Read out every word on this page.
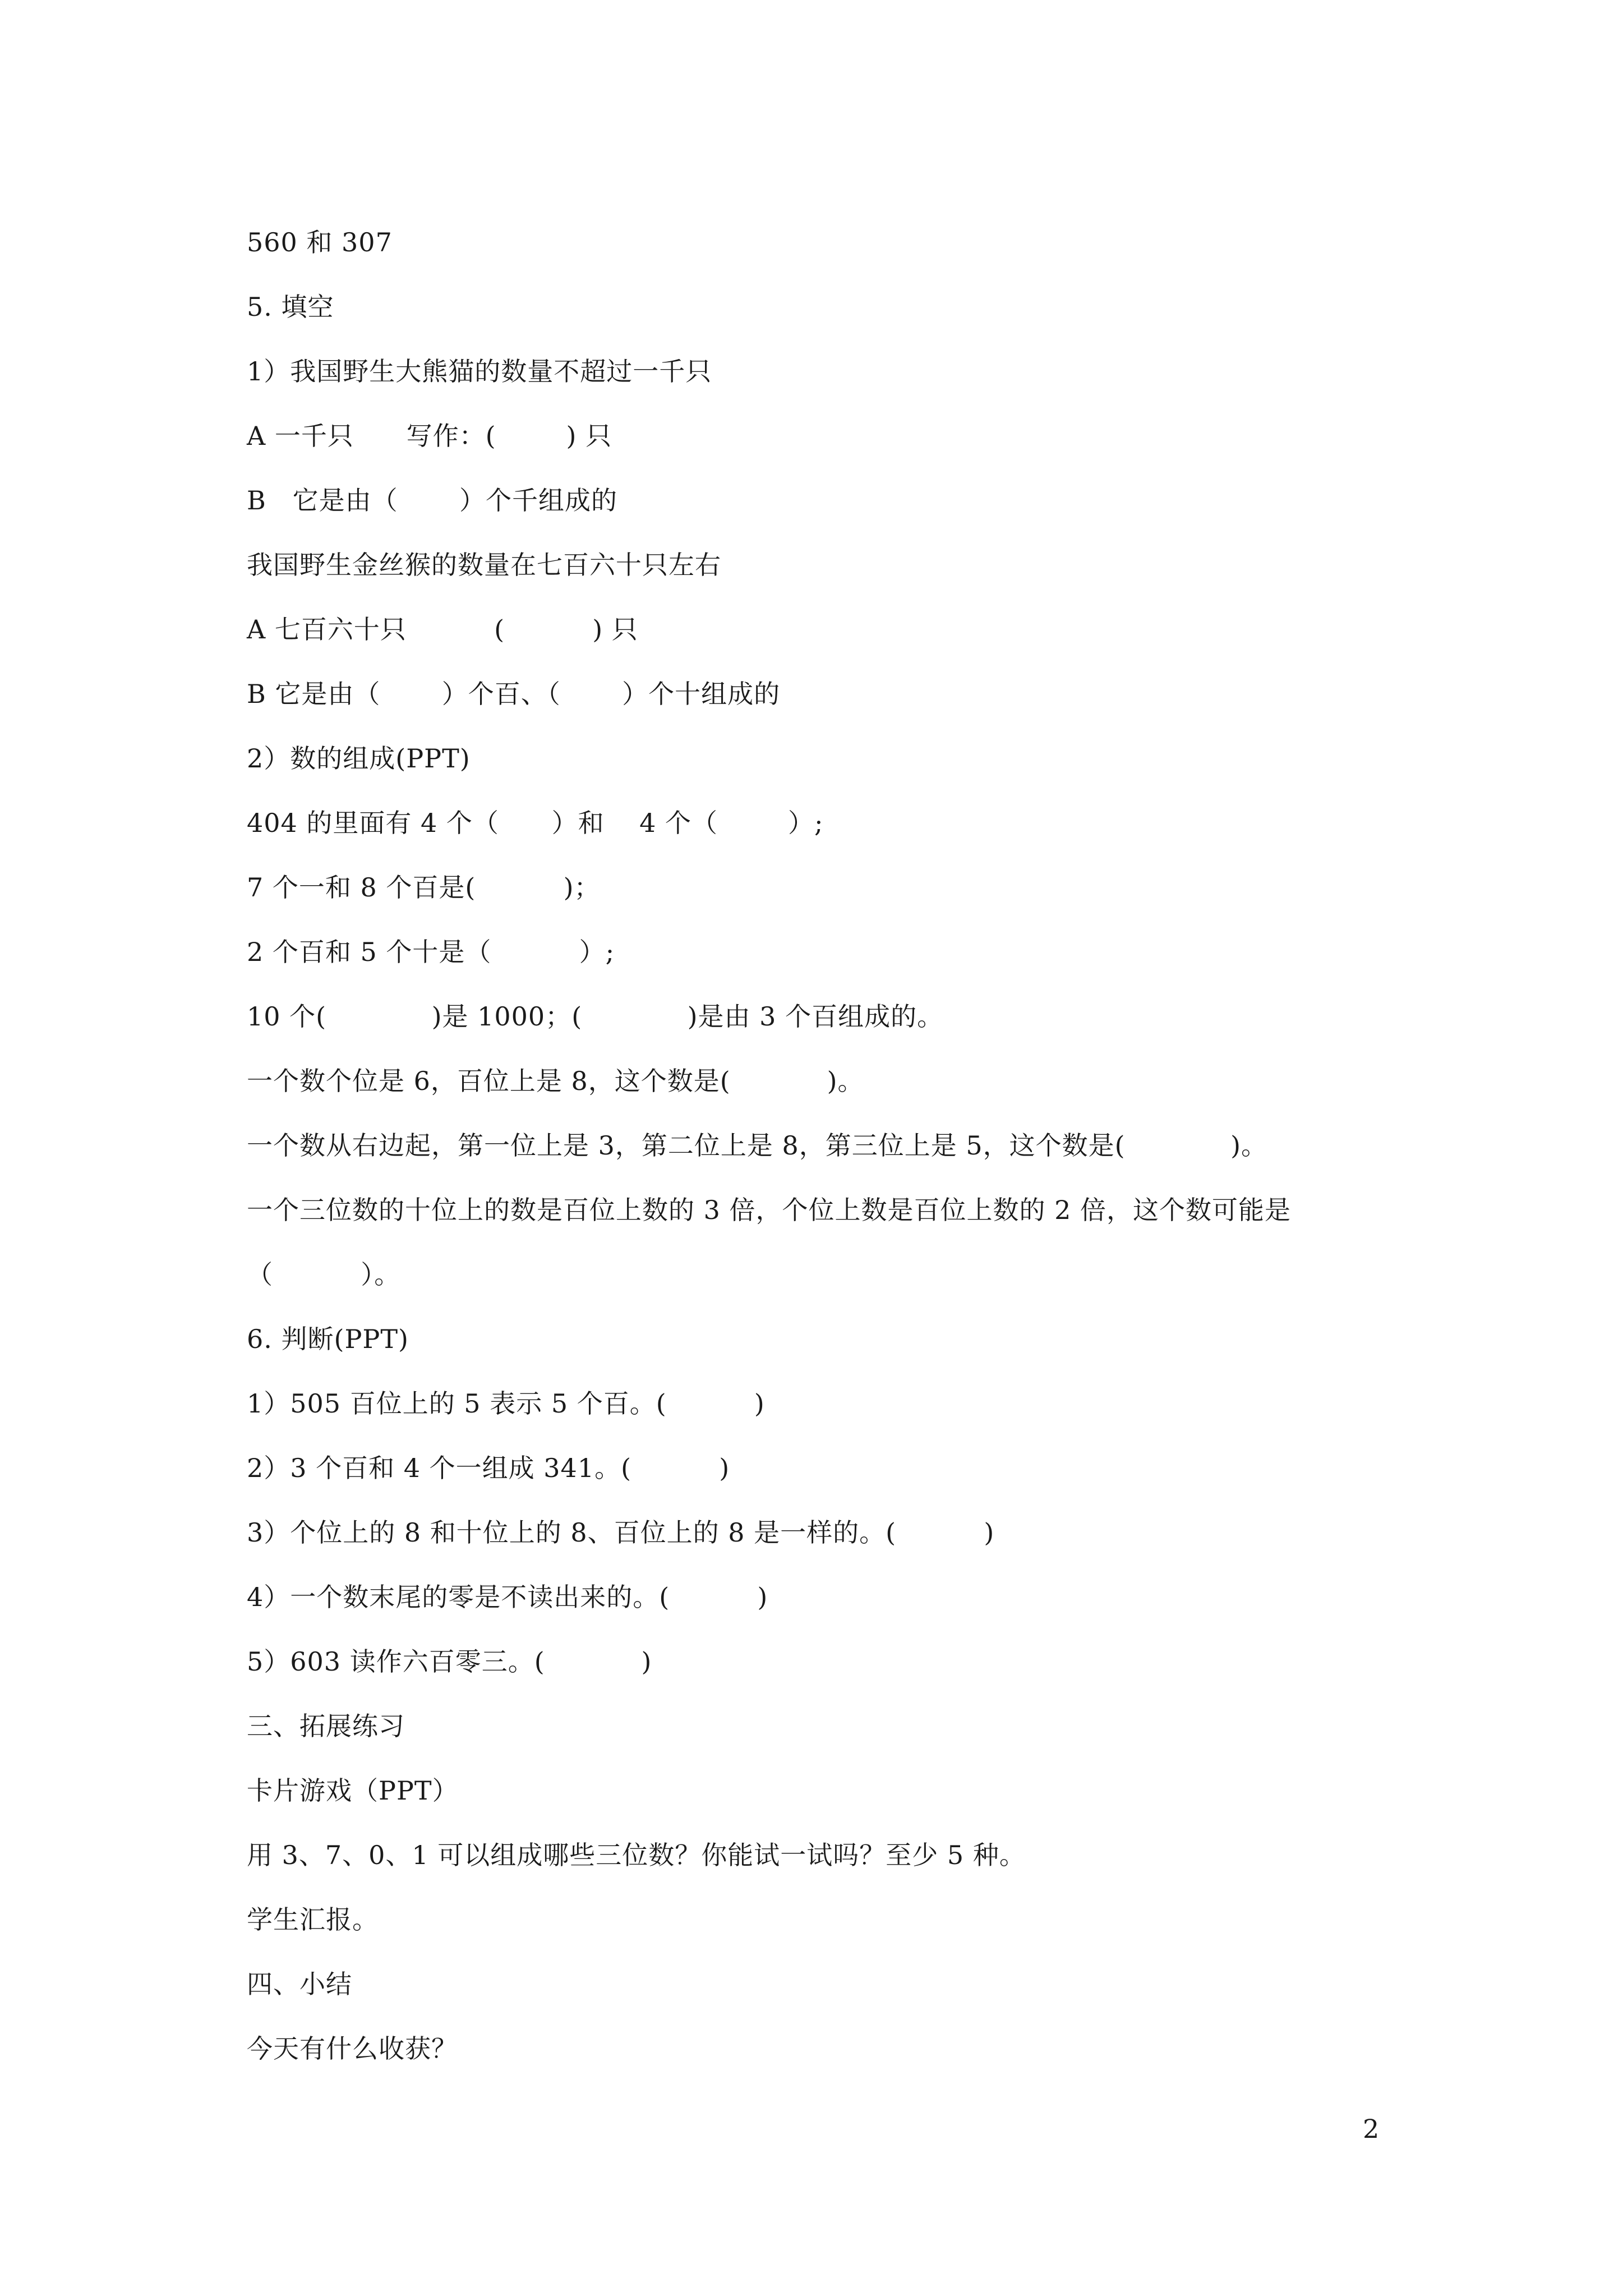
560 和 307
5. 填空
1）我国野生大熊猫的数量不超过一千只
A 一千只      写作：(        ) 只
B   它是由（       ）个千组成的
我国野生金丝猴的数量在七百六十只左右
A 七百六十只          (          ) 只
B 它是由（       ）个百、（       ）个十组成的
2）数的组成(PPT)
404 的里面有 4 个（      ）和    4 个（        ）;
7 个一和 8 个百是(          )；
2 个百和 5 个十是（          ）;
10 个(            )是 1000；(            )是由 3 个百组成的。
一个数个位是 6，百位上是 8，这个数是(           )。
一个数从右边起，第一位上是 3，第二位上是 8，第三位上是 5，这个数是(            )。
一个三位数的十位上的数是百位上数的 3 倍，个位上数是百位上数的 2 倍，这个数可能是
（          ）。
6. 判断(PPT)
1）505 百位上的 5 表示 5 个百。(          )
2）3 个百和 4 个一组成 341。(          )
3）个位上的 8 和十位上的 8、百位上的 8 是一样的。(          )
4）一个数末尾的零是不读出来的。(          )
5）603 读作六百零三。(           )
三、拓展练习
卡片游戏（PPT）
用 3、7、0、1 可以组成哪些三位数？你能试一试吗？至少 5 种。
学生汇报。
四、小结
今天有什么收获？
2
